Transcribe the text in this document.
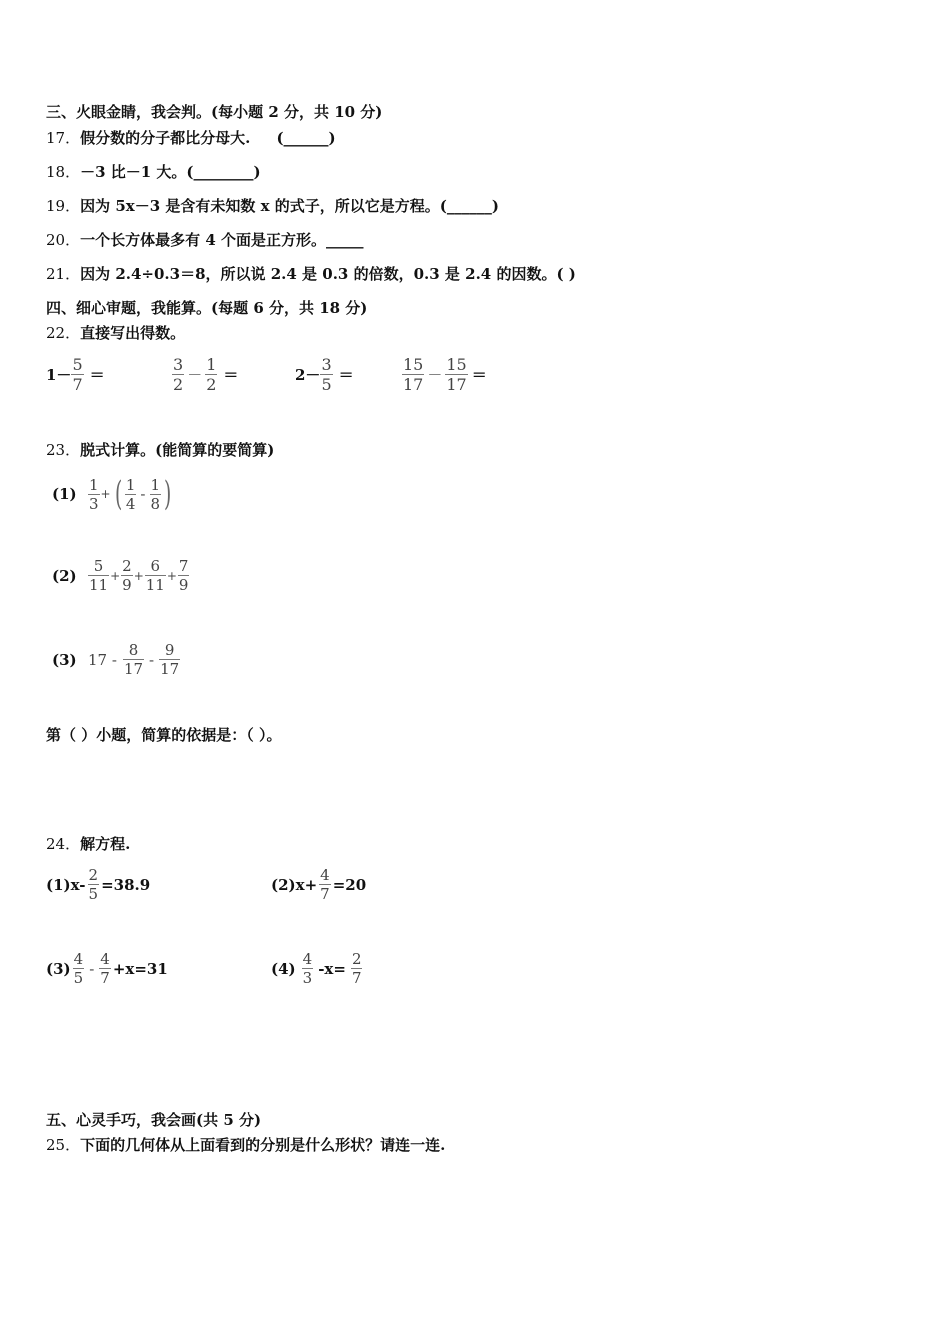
三、火眼金睛，我会判。(每小题 2 分，共 10 分)
17．假分数的分子都比分母大. (______)
18．－3 比－1 大。(________)
19．因为 5x－3 是含有未知数 x 的式子，所以它是方程。(______)
20．一个长方体最多有 4 个面是正方形。_____
21．因为 2.4÷0.3＝8，所以说 2.4 是 0.3 的倍数，0.3 是 2.4 的因数。( )
四、细心审题，我能算。(每题 6 分，共 18 分)
22．直接写出得数。
$1- \frac{5}{7}$ ＝	$\frac{3}{2} - \frac{1}{2}$ ＝	$2- \frac{3}{5}$ ＝	$\frac{15}{17} - \frac{15}{17}$ ＝
23．脱式计算。(能简算的要简算)
$(1) \frac{1}{3}$ + ( $\frac{1}{4} - \frac{1}{8}$ )
$(2) \frac{5}{11} + \frac{2}{9} + \frac{6}{11} + \frac{7}{9}$
(3) $17 - \frac{8}{17} - \frac{9}{17}$
第（ ）小题，简算的依据是：（ ）。
24．解方程.
$(1)x- \frac{2}{5} =38.9$	$(2)x+ \frac{4}{7} =20$
$(3) \frac{4}{5} - \frac{4}{7} +x=31$	$(4) \frac{4}{3} -x= \frac{2}{7}$
五、心灵手巧，我会画(共 5 分)
25．下面的几何体从上面看到的分别是什么形状？请连一连.
